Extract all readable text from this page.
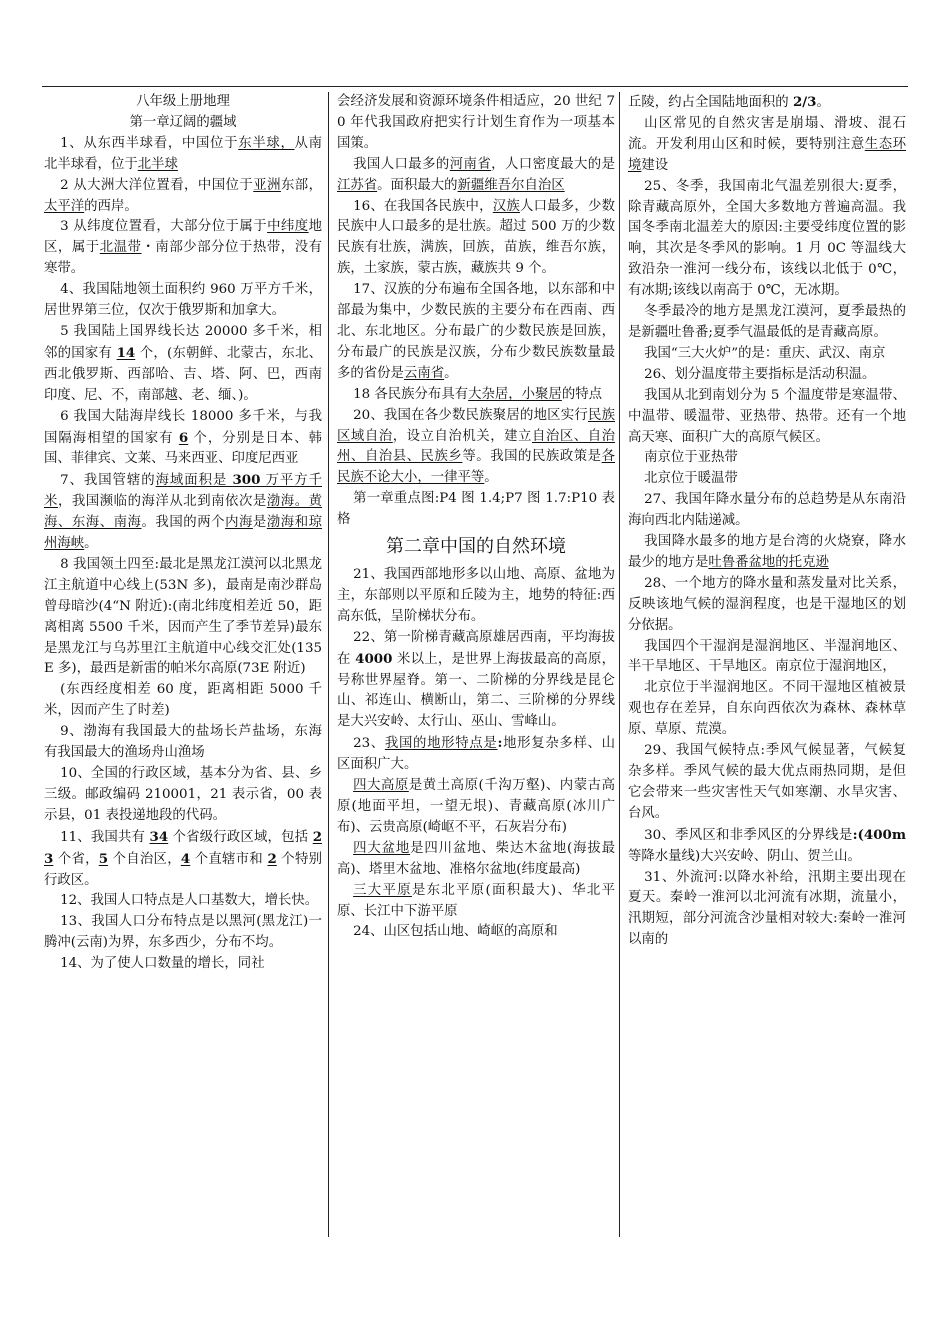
八年级上册地理

第一章辽阔的疆域

1、从东西半球看，中国位于东半球，从南北半球看，位于北半球

2 从大洲大洋位置看，中国位于亚洲东部，太平洋的西岸。

3 从纬度位置看，大部分位于属于中纬度地区，属于北温带・南部少部分位于热带，没有寒带。

4、我国陆地领土面积约 960 万平方千米，居世界第三位，仅次于俄罗斯和加拿大。

5 我国陆上国界线长达 20000 多千米，相邻的国家有 14 个，(东朝鲜、北蒙古，东北、西北俄罗斯、西部哈、吉、塔、阿、巴，西南印度、尼、不，南部越、老、缅、)。

6 我国大陆海岸线长 18000 多千米，与我国隔海相望的国家有 6 个，分别是日本、韩国、菲律宾、文莱、马来西亚、印度尼西亚

7、我国管辖的海域面积是 300 万平方千米，我国濒临的海洋从北到南依次是渤海。黄海、东海、南海。我国的两个内海是渤海和琼州海峡。

8 我国领土四至:最北是黑龙江漠河以北黑龙江主航道中心线上(53N 多)，最南是南沙群岛曾母暗沙(4“N 附近):(南北纬度相差近 50，距离相离 5500 千米，因而产生了季节差异)最东是黑龙江与乌苏里江主航道中心线交汇处(135E 多)，最西是新雷的帕米尔高原(73E 附近)

(东西经度相差 60 度，距离相距 5000 千米，因而产生了时差)

9、渤海有我国最大的盐场长芦盐场，东海有我国最大的渔场舟山渔场

10、全国的行政区域，基本分为省、县、乡三级。邮政编码 210001，21 表示省，00 表示县，01 表投递地段的代码。

11、我国共有 34 个省级行政区域，包括 23 个省，5 个自治区，4 个直辖市和 2 个特别行政区。

12、我国人口特点是人口基数大，增长快。

13、我国人口分布特点是以黑河(黑龙江)一腾冲(云南)为界，东多西少，分布不均。

14、为了使人口数量的增长，同社

会经济发展和资源环境条件相适应，20 世纪 70 年代我国政府把实行计划生育作为一项基本国策。

我国人口最多的河南省，人口密度最大的是江苏省。面积最大的新疆维吾尔自治区

16、在我国各民族中，汉族人口最多，少数民族中人口最多的是壮族。超过 500 万的少数民族有壮族，满族，回族，苗族，维吾尔族，族，土家族，蒙古族，藏族共 9 个。

17、汉族的分布遍布全国各地，以东部和中部最为集中，少数民族的主要分布在西南、西北、东北地区。分布最广的少数民族是回族，分布最广的民族是汉族，分布少数民族数量最多的省份是云南省。

18 各民族分布具有大杂居，小聚居的特点

20、我国在各少数民族聚居的地区实行民族区域自治，设立自治机关，建立自治区、自治州、自治县、民族乡等。我国的民族政策是各民族不论大小，一律平等。

第一章重点图:P4 图 1.4;P7 图 1.7:P10 表格

第二章中国的自然环境

21、我国西部地形多以山地、高原、盆地为主，东部则以平原和丘陵为主，地势的特征:西高东低，呈阶梯状分布。

22、第一阶梯青藏高原雄居西南，平均海拔在 4000 米以上，是世界上海拔最高的高原，号称世界屋脊。第一、二阶梯的分界线是昆仑山、祁连山、横断山，第二、三阶梯的分界线是大兴安岭、太行山、巫山、雪峰山。

23、我国的地形特点是:地形复杂多样、山区面积广大。

四大高原是黄土高原(千沟万壑)、内蒙古高原(地面平坦，一望无垠)、青藏高原(冰川广布)、云贵高原(崎岖不平，石灰岩分布)

四大盆地是四川盆地、柴达木盆地(海拔最高)、塔里木盆地、准格尔盆地(纬度最高)

三大平原是东北平原(面积最大)、华北平原、长江中下游平原

24、山区包括山地、崎岖的高原和

丘陵，约占全国陆地面积的 2/3。

山区常见的自然灾害是崩塌、滑坡、混石流。开发利用山区和时候，要特别注意生态环境建设

25、冬季，我国南北气温差别很大:夏季，除青藏高原外，全国大多数地方普遍高温。我国冬季南北温差大的原因:主要受纬度位置的影响，其次是冬季风的影响。1 月 0C 等温线大致沿杂一淮河一线分布，该线以北低于 0℃，有冰期;该线以南高于 0℃，无冰期。

冬季最冷的地方是黑龙江漠河，夏季最热的是新疆吐鲁番;夏季气温最低的是青藏高原。

我国“三大火炉”的是：重庆、武汉、南京

26、划分温度带主要指标是活动积温。

我国从北到南划分为 5 个温度带是寒温带、中温带、暖温带、亚热带、热带。还有一个地高天寒、面积广大的高原气候区。

南京位于亚热带

北京位于暖温带

27、我国年降水量分布的总趋势是从东南沿海向西北内陆递减。

我国降水最多的地方是台湾的火烧寮，降水最少的地方是吐鲁番盆地的托克逊

28、一个地方的降水量和蒸发量对比关系，反映该地气候的湿润程度，也是干湿地区的划分依据。

我国四个干湿润是湿润地区、半湿润地区、半干旱地区、干旱地区。南京位于湿润地区，

北京位于半湿润地区。不同干湿地区植被景观也存在差异，自东向西依次为森林、森林草原、草原、荒漠。

29、我国气候特点:季风气候显著，气候复杂多样。季风气候的最大优点雨热同期，是但它会带来一些灾害性天气如寒潮、水旱灾害、台风。

30、季风区和非季风区的分界线是:(400m 等降水量线)大兴安岭、阴山、贺兰山。

31、外流河:以降水补给，汛期主要出现在夏天。秦岭一淮河以北河流有冰期，流量小，汛期短，部分河流含沙量相对较大:秦岭一淮河以南的
